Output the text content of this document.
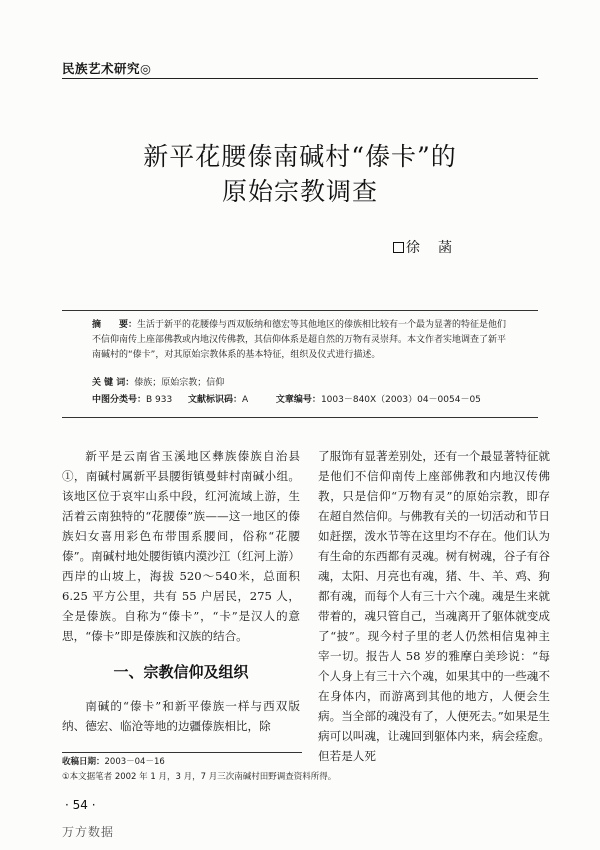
民族艺术研究◎
新平花腰傣南碱村“傣卡”的
原始宗教调查
徐　菡

摘　　要：生活于新平的花腰傣与西双版纳和德宏等其他地区的傣族相比较有一个最为显著的特征是他们不信仰南传上座部佛教或内地汉传佛教，其信仰体系是超自然的万物有灵崇拜。本文作者实地调查了新平南碱村的“傣卡”，对其原始宗教体系的基本特征，组织及仪式进行描述。

关 键 词：傣族；原始宗教；信仰
中图分类号：B 933 文献标识码：A	文章编号：1003－840X（2003）04－0054－05

新平是云南省玉溪地区彝族傣族自治县①，南碱村属新平县腰街镇曼蚌村南碱小组。该地区位于哀牢山系中段，红河流域上游，生活着云南独特的“花腰傣”族——这一地区的傣族妇女喜用彩色布带围系腰间，俗称“花腰傣”。南碱村地处腰街镇内漠沙江（红河上游）西岸的山坡上，海拔 520～540米，总面积 6.25 平方公里，共有 55 户居民，275 人，全是傣族。自称为“傣卡”，“卡”是汉人的意思，“傣卡”即是傣族和汉族的结合。

一、宗教信仰及组织

南碱的“傣卡”和新平傣族一样与西双版纳、德宏、临沧等地的边疆傣族相比，除

了服饰有显著差别处，还有一个最显著特征就是他们不信仰南传上座部佛教和内地汉传佛教，只是信仰“万物有灵”的原始宗教，即存在超自然信仰。与佛教有关的一切活动和节日如赶摆，泼水节等在这里均不存在。他们认为有生命的东西都有灵魂。树有树魂，谷子有谷魂，太阳、月亮也有魂，猪、牛、羊、鸡、狗都有魂，而每个人有三十六个魂。魂是生来就带着的，魂只管自己，当魂离开了躯体就变成了“披”。现今村子里的老人仍然相信鬼神主宰一切。报告人 58 岁的雅摩白美珍说：“每个人身上有三十六个魂，如果其中的一些魂不在身体内，而游离到其他的地方，人便会生病。当全部的魂没有了，人便死去。”如果是生病可以叫魂，让魂回到躯体内来，病会痊愈。但若是人死

收稿日期：2003－04－16
①本文据笔者 2002 年 1 月，3 月，7 月三次南碱村田野调查资料所得。
· 54 ·
万方数据
